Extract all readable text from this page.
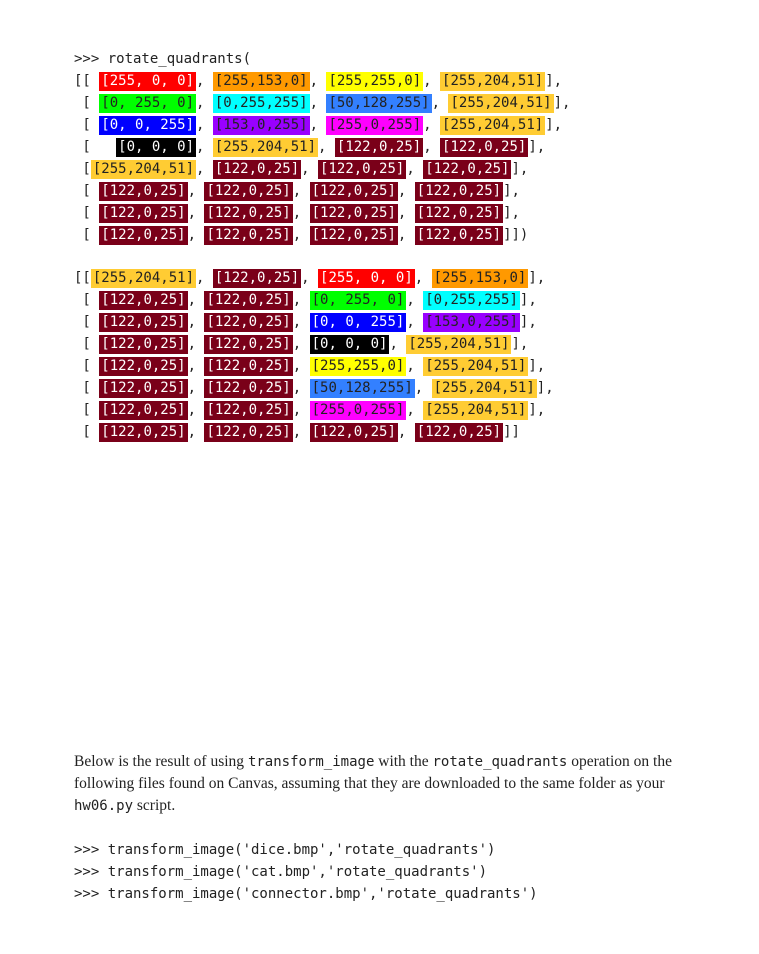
>>> rotate_quadrants(
[[ [255, 0, 0] , [255,153,0] , [255,255,0] , [255,204,51] ],
[ [0, 255, 0] , [0,255,255] , [50,128,255] , [255,204,51] ],
[ [0, 0, 255] , [153,0,255] , [255,0,255] , [255,204,51] ],
[   [0, 0, 0] , [255,204,51] , [122,0,25] , [122,0,25] ],
[ [255,204,51] , [122,0,25] , [122,0,25] , [122,0,25] ],
[ [122,0,25] , [122,0,25] , [122,0,25] , [122,0,25] ],
[ [122,0,25] , [122,0,25] , [122,0,25] , [122,0,25] ],
[ [122,0,25] , [122,0,25] , [122,0,25] , [122,0,25] ]])
[[ [255,204,51] , [122,0,25] , [255, 0, 0] , [255,153,0] ],
[ [122,0,25] , [122,0,25] , [0, 255, 0] , [0,255,255] ],
[ [122,0,25] , [122,0,25] , [0, 0, 255] , [153,0,255] ],
[ [122,0,25] , [122,0,25] , [0, 0, 0] , [255,204,51] ],
[ [122,0,25] , [122,0,25] , [255,255,0] , [255,204,51] ],
[ [122,0,25] , [122,0,25] , [50,128,255] , [255,204,51] ],
[ [122,0,25] , [122,0,25] , [255,0,255] , [255,204,51] ],
[ [122,0,25] , [122,0,25] , [122,0,25] , [122,0,25] ]]
Below is the result of using transform_image with the rotate_quadrants operation on the following files found on Canvas, assuming that they are downloaded to the same folder as your hw06.py script.
>>> transform_image('dice.bmp','rotate_quadrants')
>>> transform_image('cat.bmp','rotate_quadrants')
>>> transform_image('connector.bmp','rotate_quadrants')
